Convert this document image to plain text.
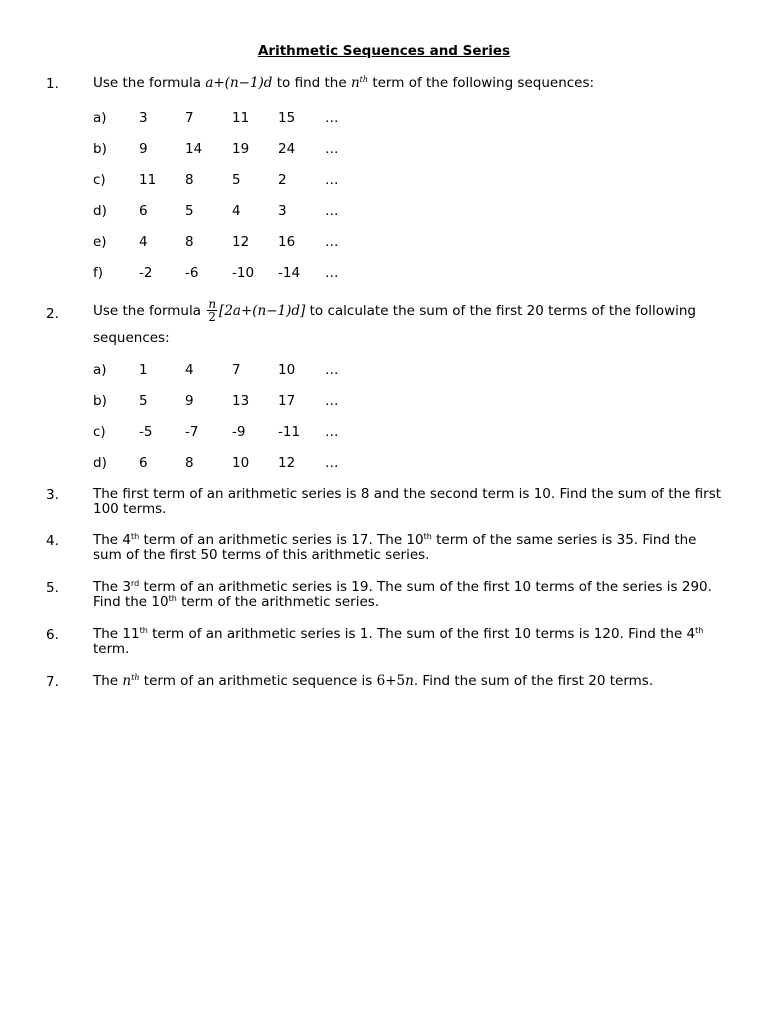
Arithmetic Sequences and Series
1.	Use the formula a+(n−1)d to find the $n^{th}$ term of the following sequences:
a) 3	7	11 15 …
b) 9	14 19 24 …
c) 11 8	5	2	…
d) 6	5	4	3	…
e) 4	8	12 16 …
f)	-2 -6 -10 -14 …
2.	Use the formula $\frac{n}{2} [2a+(n-1)d]$ to calculate the sum of the first 20 terms of the following
sequences:
a) 1	4	7	10 …
b) 5	9	13 17 …
c) -5 -7 -9 -11 …
d) 6	8	10 12 …
3.	The first term of an arithmetic series is 8 and the second term is 10. Find the sum of the first 100 terms.
4.	The 4th term of an arithmetic series is 17. The 10th term of the same series is 35. Find the sum of the first 50 terms of this arithmetic series.
5.	The 3rd term of an arithmetic series is 19. The sum of the first 10 terms of the series is 290. Find the 10th term of the arithmetic series.
6.	The 11th term of an arithmetic series is 1. The sum of the first 10 terms is 120. Find the 4th term.
7.	The $n^{th}$ term of an arithmetic sequence is 6+5n. Find the sum of the first 20 terms.
